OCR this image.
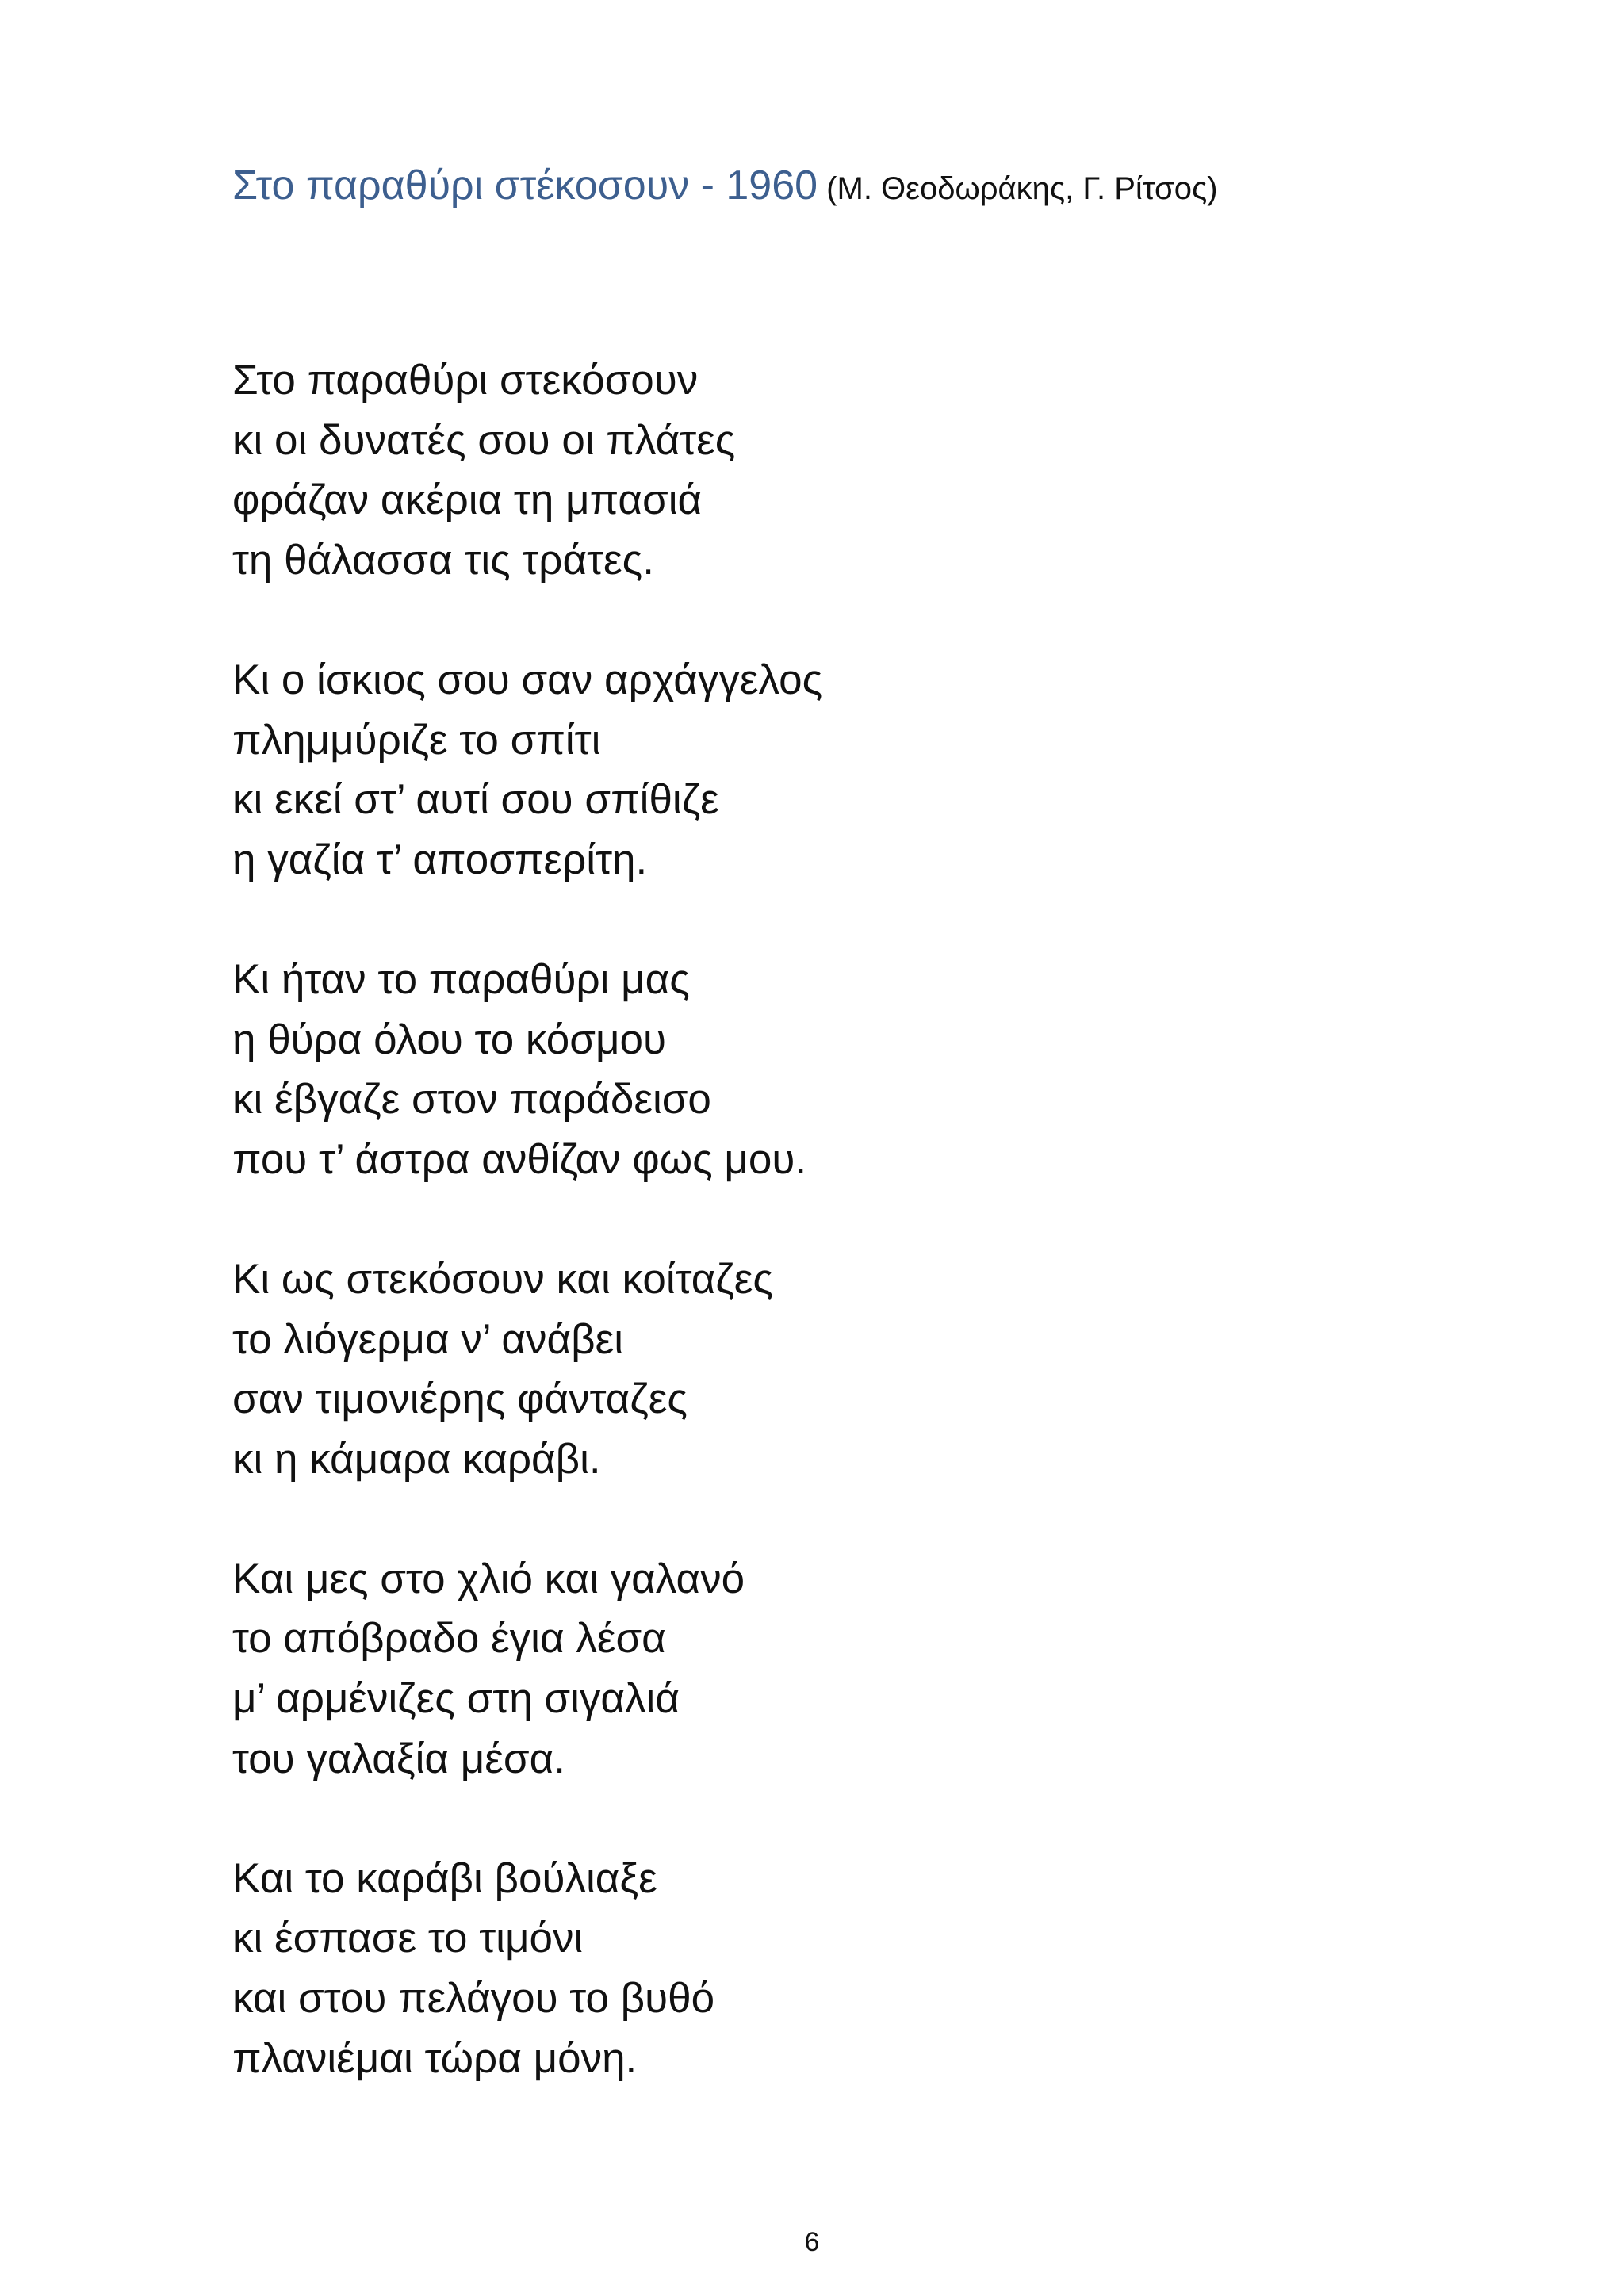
Στο παραθύρι στέκοσουν - 1960 (Μ. Θεοδωράκης, Γ. Ρίτσος)
Στο παραθύρι στεκόσουν
κι οι δυνατές σου οι πλάτες
φράζαν ακέρια τη μπασιά
τη θάλασσα τις τράτες.
Κι ο ίσκιος σου σαν αρχάγγελος
πλημμύριζε το σπίτι
κι εκεί στ’ αυτί σου σπίθιζε
η γαζία τ’ αποσπερίτη.
Κι ήταν το παραθύρι μας
η θύρα όλου το κόσμου
κι έβγαζε στον παράδεισο
που τ’ άστρα ανθίζαν φως μου.
Κι ως στεκόσουν και κοίταζες
το λιόγερμα ν’ ανάβει
σαν τιμονιέρης φάνταζες
κι η κάμαρα καράβι.
Και μες στο χλιό και γαλανό
το απόβραδο έγια λέσα
μ’ αρμένιζες στη σιγαλιά
του γαλαξία μέσα.
Και το καράβι βούλιαξε
κι έσπασε το τιμόνι
και στου πελάγου το βυθό
πλανιέμαι τώρα μόνη.
6
